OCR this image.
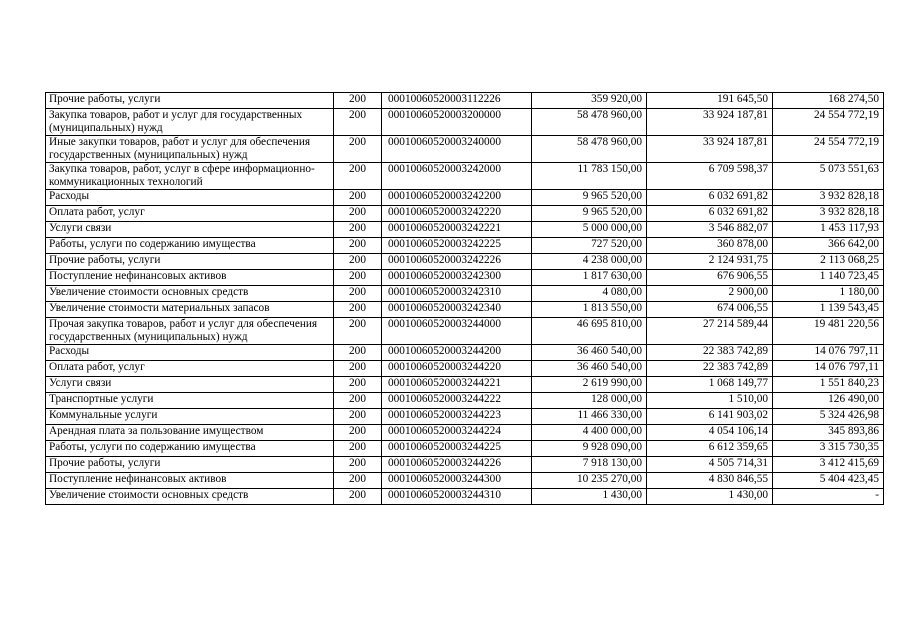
Прочие работы, услуги	200	00010060520003112226	359 920,00	191 645,50	168 274,50
Закупка товаров, работ и услуг для государственных (муниципальных) нужд	200	00010060520003200000	58 478 960,00	33 924 187,81	24 554 772,19
Иные закупки товаров, работ и услуг для обеспечения государственных (муниципальных) нужд	200	00010060520003240000	58 478 960,00	33 924 187,81	24 554 772,19
Закупка товаров, работ, услуг в сфере информационно-коммуникационных технологий	200	00010060520003242000	11 783 150,00	6 709 598,37	5 073 551,63
Расходы	200	00010060520003242200	9 965 520,00	6 032 691,82	3 932 828,18
Оплата работ, услуг	200	00010060520003242220	9 965 520,00	6 032 691,82	3 932 828,18
Услуги связи	200	00010060520003242221	5 000 000,00	3 546 882,07	1 453 117,93
Работы, услуги по содержанию имущества	200	00010060520003242225	727 520,00	360 878,00	366 642,00
Прочие работы, услуги	200	00010060520003242226	4 238 000,00	2 124 931,75	2 113 068,25
Поступление нефинансовых активов	200	00010060520003242300	1 817 630,00	676 906,55	1 140 723,45
Увеличение стоимости основных средств	200	00010060520003242310	4 080,00	2 900,00	1 180,00
Увеличение стоимости материальных запасов	200	00010060520003242340	1 813 550,00	674 006,55	1 139 543,45
Прочая закупка товаров, работ и услуг для обеспечения государственных (муниципальных) нужд	200	00010060520003244000	46 695 810,00	27 214 589,44	19 481 220,56
Расходы	200	00010060520003244200	36 460 540,00	22 383 742,89	14 076 797,11
Оплата работ, услуг	200	00010060520003244220	36 460 540,00	22 383 742,89	14 076 797,11
Услуги связи	200	00010060520003244221	2 619 990,00	1 068 149,77	1 551 840,23
Транспортные услуги	200	00010060520003244222	128 000,00	1 510,00	126 490,00
Коммунальные услуги	200	00010060520003244223	11 466 330,00	6 141 903,02	5 324 426,98
Арендная плата за пользование имуществом	200	00010060520003244224	4 400 000,00	4 054 106,14	345 893,86
Работы, услуги по содержанию имущества	200	00010060520003244225	9 928 090,00	6 612 359,65	3 315 730,35
Прочие работы, услуги	200	00010060520003244226	7 918 130,00	4 505 714,31	3 412 415,69
Поступление нефинансовых активов	200	00010060520003244300	10 235 270,00	4 830 846,55	5 404 423,45
Увеличение стоимости основных средств	200	00010060520003244310	1 430,00	1 430,00	-
